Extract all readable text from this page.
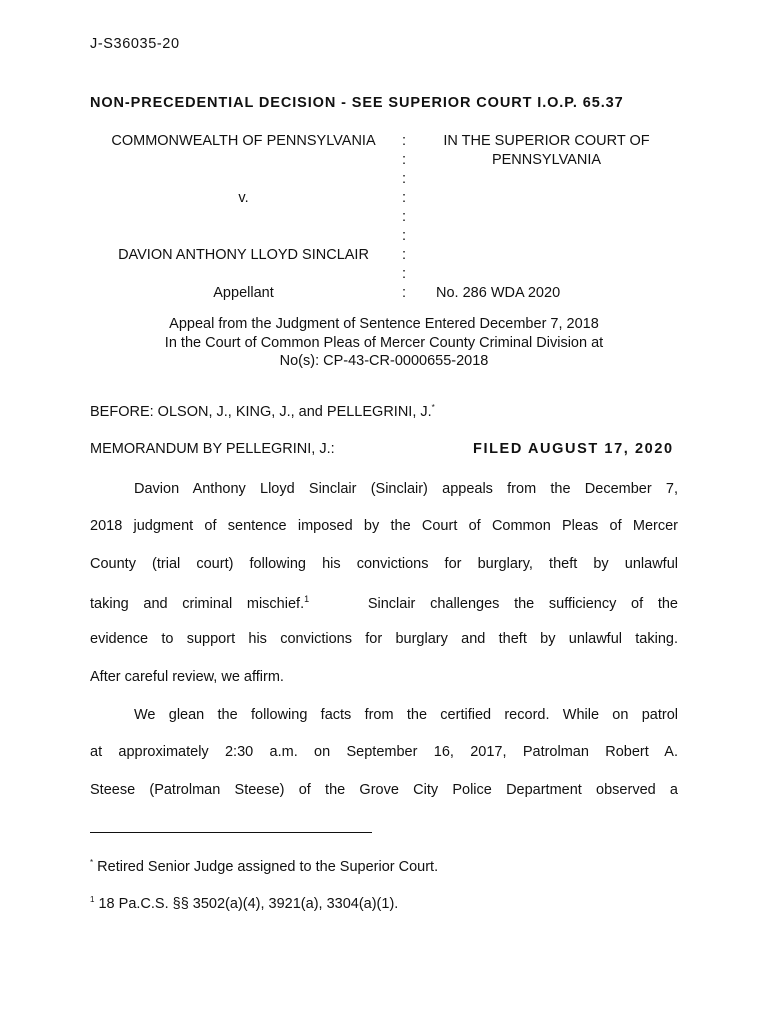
J-S36035-20
NON-PRECEDENTIAL DECISION - SEE SUPERIOR COURT I.O.P. 65.37
COMMONWEALTH OF PENNSYLVANIA
v.
DAVION ANTHONY LLOYD SINCLAIR
Appellant
:
:
:
:
:
:
:
:
:
IN THE SUPERIOR COURT OF
PENNSYLVANIA
No. 286 WDA 2020
Appeal from the Judgment of Sentence Entered December 7, 2018
In the Court of Common Pleas of Mercer County Criminal Division at
No(s): CP-43-CR-0000655-2018
BEFORE: OLSON, J., KING, J., and PELLEGRINI, J.*
MEMORANDUM BY PELLEGRINI, J.:	FILED AUGUST 17, 2020
Davion Anthony Lloyd Sinclair (Sinclair) appeals from the December 7,
2018 judgment of sentence imposed by the Court of Common Pleas of Mercer
County (trial court) following his convictions for burglary, theft by unlawful
taking and criminal mischief.$^1$	Sinclair challenges the sufficiency of the
evidence to support his convictions for burglary and theft by unlawful taking.
After careful review, we affirm.
We glean the following facts from the certified record. While on patrol
at approximately 2:30 a.m. on September 16, 2017, Patrolman Robert A.
Steese (Patrolman Steese) of the Grove City Police Department observed a
* Retired Senior Judge assigned to the Superior Court.
$^1$ 18 Pa.C.S. §§ 3502(a)(4), 3921(a), 3304(a)(1).
